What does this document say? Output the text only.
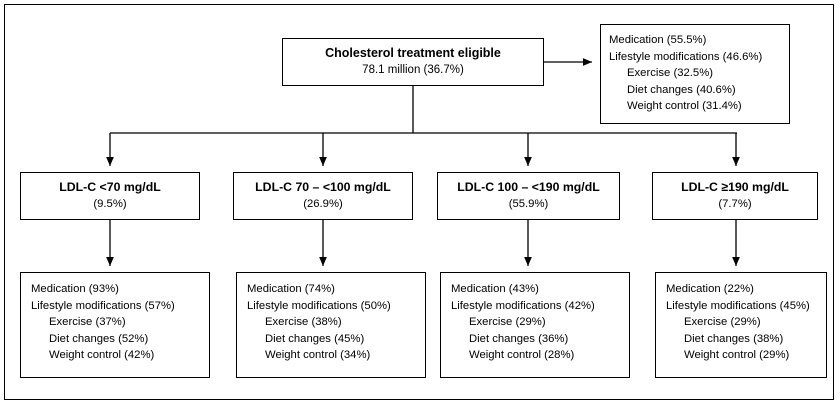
Cholesterol treatment eligible
78.1 million (36.7%)
Medication (55.5%)
Lifestyle modifications (46.6%)
Exercise (32.5%)
Diet changes (40.6%)
Weight control (31.4%)
LDL-C <70 mg/dL
(9.5%)
LDL-C 70 – <100 mg/dL
(26.9%)
LDL-C 100 – <190 mg/dL
(55.9%)
LDL-C ≥190 mg/dL
(7.7%)
Medication (93%)
Lifestyle modifications (57%)
Exercise (37%)
Diet changes (52%)
Weight control (42%)
Medication (74%)
Lifestyle modifications (50%)
Exercise (38%)
Diet changes (45%)
Weight control (34%)
Medication (43%)
Lifestyle modifications (42%)
Exercise (29%)
Diet changes (36%)
Weight control (28%)
Medication (22%)
Lifestyle modifications (45%)
Exercise (29%)
Diet changes (38%)
Weight control (29%)
